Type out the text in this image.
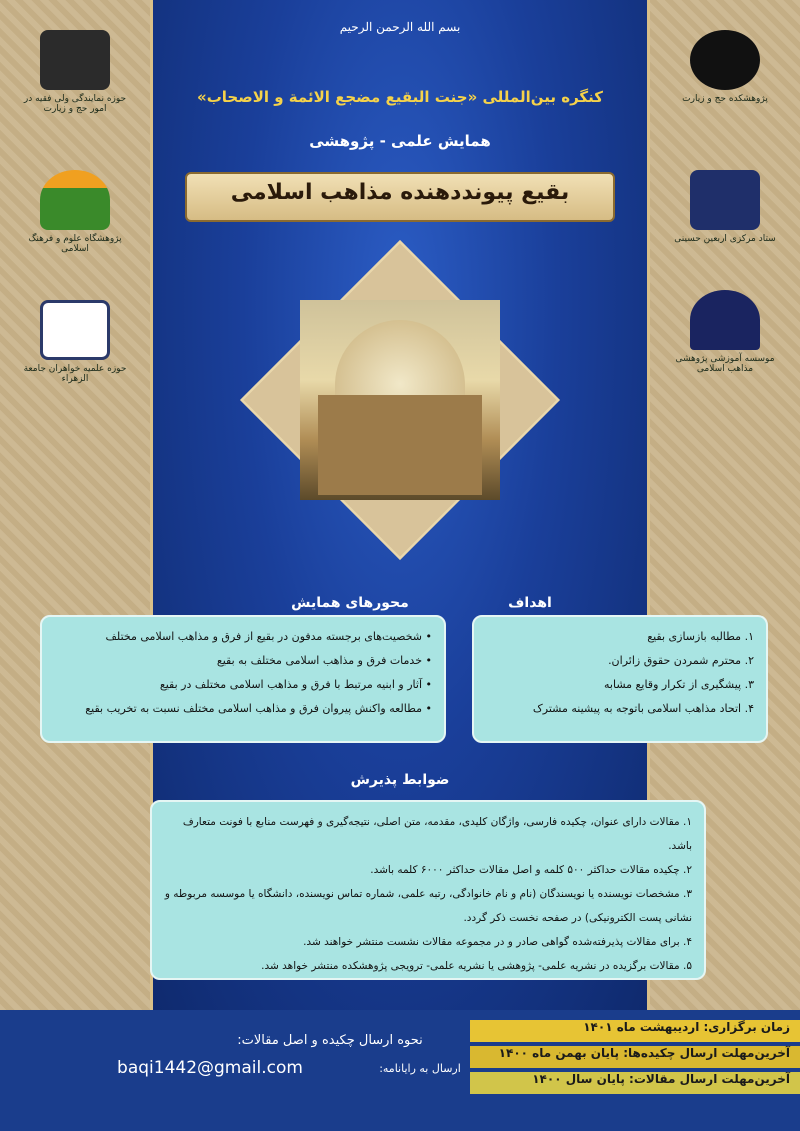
بسم الله الرحمن الرحیم
کنگره بین‌المللی «جنت البقیع مضجع الائمة و الاصحاب»
همایش علمی - پژوهشی
بقیع پیونددهنده مذاهب اسلامی
حوزه نمایندگی ولی فقیه در امور حج و زیارت
پژوهشگاه علوم و فرهنگ اسلامی
حوزه علمیه خواهران جامعة الزهراء
پژوهشکده حج و زیارت
ستاد مرکزی اربعین حسینی
موسسه آموزشی پژوهشی مذاهب اسلامی
اهداف
۱. مطالبه بازسازی بقیع
۲. محترم شمردن حقوق زائران.
۳. پیشگیری از تکرار وقایع مشابه
۴. اتحاد مذاهب اسلامی باتوجه به پیشینه مشترک
محورهای همایش
• شخصیت‌های برجسته مدفون در بقیع از فرق و مذاهب اسلامی مختلف
• خدمات فرق و مذاهب اسلامی مختلف به بقیع
• آثار و ابنیه مرتبط با فرق و مذاهب اسلامی مختلف در بقیع
• مطالعه واکنش پیروان فرق و مذاهب اسلامی مختلف نسبت به تخریب بقیع
ضوابط پذیرش
۱. مقالات دارای عنوان، چکیده فارسی، واژگان کلیدی، مقدمه، متن اصلی، نتیجه‌گیری و فهرست منابع با فونت متعارف باشد.
۲. چکیده مقالات حداکثر ۵۰۰ کلمه و اصل مقالات حداکثر ۶۰۰۰ کلمه باشد.
۳. مشخصات نویسنده یا نویسندگان (نام و نام خانوادگی، رتبه علمی، شماره تماس نویسنده، دانشگاه یا موسسه مربوطه و نشانی پست الکترونیکی) در صفحه نخست ذکر گردد.
۴. برای مقالات پذیرفته‌شده گواهی صادر و در مجموعه مقالات نشست منتشر خواهند شد.
۵. مقالات برگزیده در نشریه علمی- پژوهشی یا نشریه علمی- ترویجی پژوهشکده منتشر خواهد شد.
زمان برگزاری: اردیبهشت ماه ۱۴۰۱
آخرین‌مهلت ارسال چکیده‌ها: پایان بهمن ماه ۱۴۰۰
آخرین‌مهلت ارسال مقالات: پایان سال ۱۴۰۰
نحوه ارسال چکیده و اصل مقالات:
ارسال به رایانامه:
baqi1442@gmail.com
